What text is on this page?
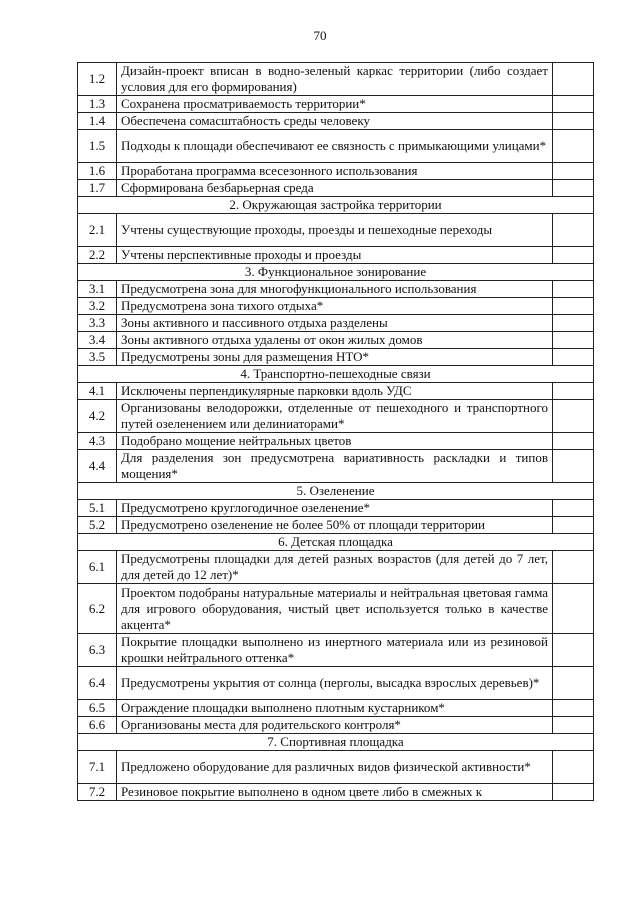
70
1.2	Дизайн-проект вписан в водно-зеленый каркас территории (либо создает условия для его формирования)	
1.3	Сохранена просматриваемость территории*	
1.4	Обеспечена сомасштабность среды человеку	
1.5	Подходы к площади обеспечивают ее связность с примыкающими улицами*	
1.6	Проработана программа всесезонного использования	
1.7	Сформирована безбарьерная среда	
2. Окружающая застройка территории		
2.1	Учтены существующие проходы, проезды и пешеходные переходы	
2.2	Учтены перспективные проходы и проезды	
3. Функциональное зонирование		
3.1	Предусмотрена зона для многофункционального использования	
3.2	Предусмотрена зона тихого отдыха*	
3.3	Зоны активного и пассивного отдыха разделены	
3.4	Зоны активного отдыха удалены от окон жилых домов	
3.5	Предусмотрены зоны для размещения НТО*	
4. Транспортно-пешеходные связи		
4.1	Исключены перпендикулярные парковки вдоль УДС	
4.2	Организованы велодорожки, отделенные от пешеходного и транспортного путей озеленением или делиниаторами*	
4.3	Подобрано мощение нейтральных цветов	
4.4	Для разделения зон предусмотрена вариативность раскладки и типов мощения*	
5. Озеленение		
5.1	Предусмотрено круглогодичное озеленение*	
5.2	Предусмотрено озеленение не более 50% от площади территории	
6. Детская площадка		
6.1	Предусмотрены площадки для детей разных возрастов (для детей до 7 лет, для детей до 12 лет)*	
6.2	Проектом подобраны натуральные материалы и нейтральная цветовая гамма для игрового оборудования, чистый цвет используется только в качестве акцента*	
6.3	Покрытие площадки выполнено из инертного материала или из резиновой крошки нейтрального оттенка*	
6.4	Предусмотрены укрытия от солнца (перголы, высадка взрослых деревьев)*	
6.5	Ограждение площадки выполнено плотным кустарником*	
6.6	Организованы места для родительского контроля*	
7. Спортивная площадка		
7.1	Предложено оборудование для различных видов физической активности*	
7.2	Резиновое покрытие выполнено в одном цвете либо в смежных к	
